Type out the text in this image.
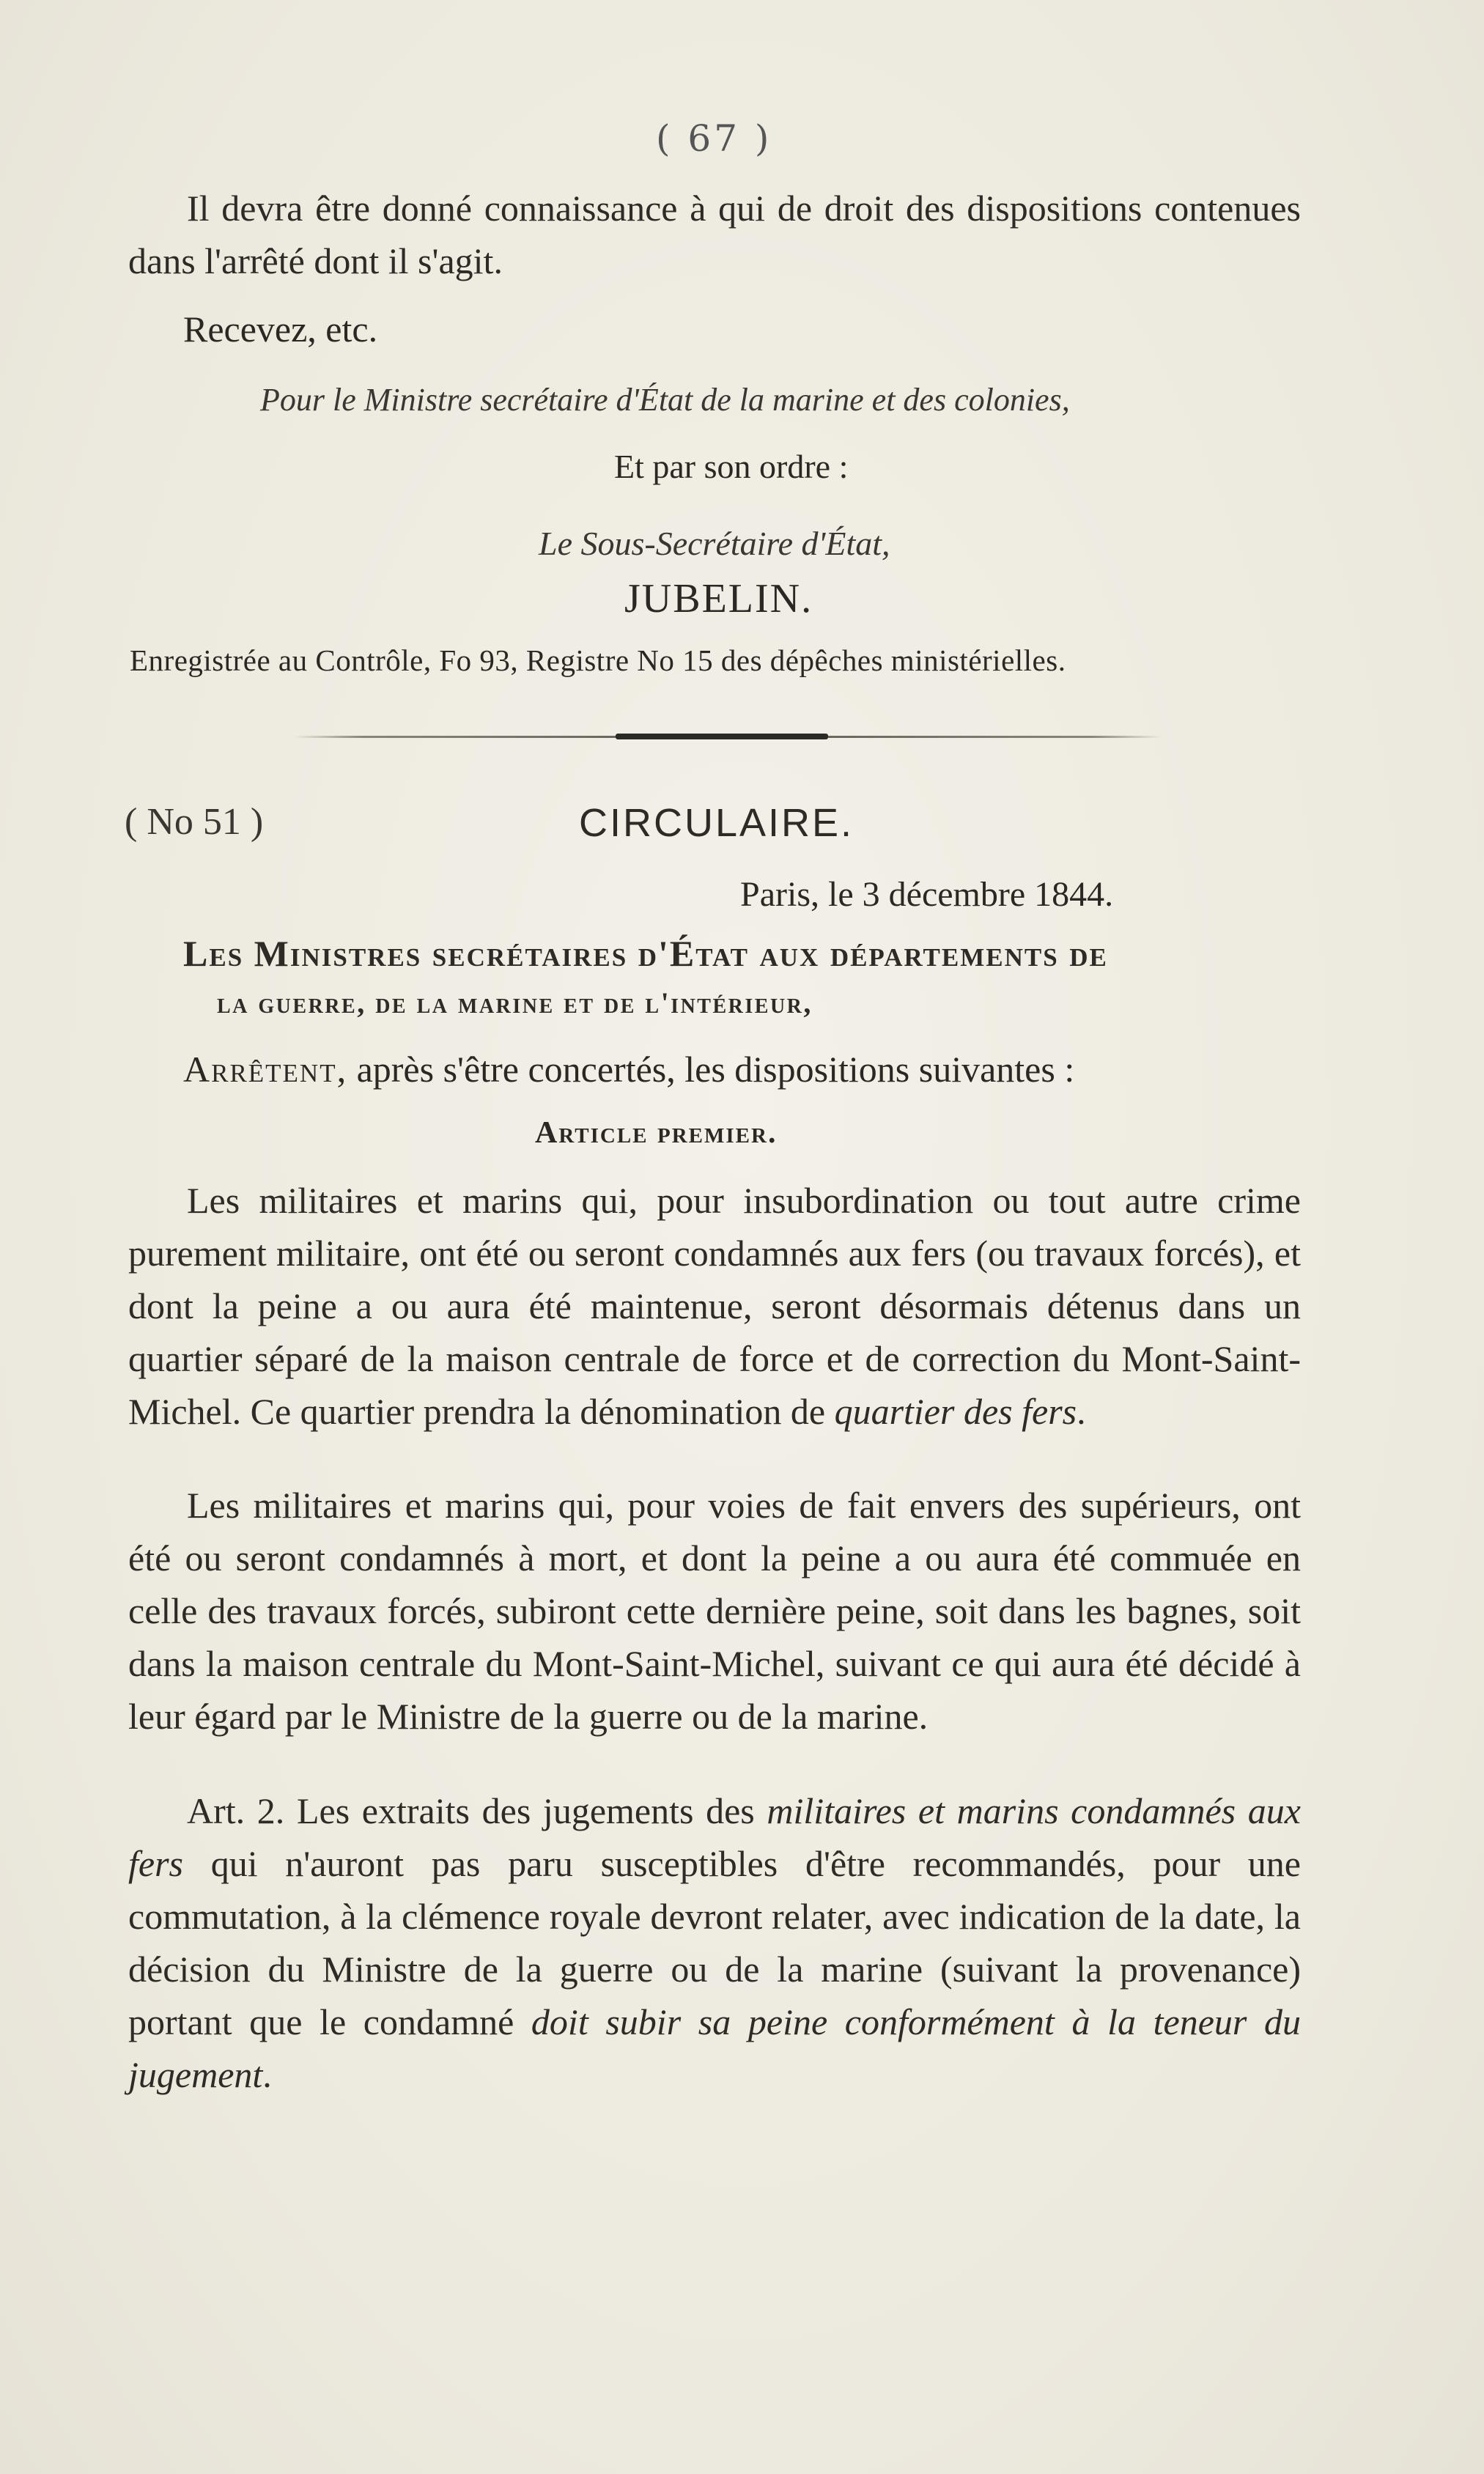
( 67 )

Il devra être donné connaissance à qui de droit des dispositions contenues dans l'arrêté dont il s'agit.

Recevez, etc.
Pour le Ministre secrétaire d'État de la marine et des colonies,
Et par son ordre :
Le Sous-Secrétaire d'État,
JUBELIN.
Enregistrée au Contrôle, Fo 93, Registre No 15 des dépêches ministérielles.
( No 51 )	CIRCULAIRE.
Paris, le 3 décembre 1844.
Les Ministres secrétaires d'État aux départements de
la guerre, de la marine et de l'intérieur,
Arrêtent, après s'être concertés, les dispositions suivantes :
Article premier.

Les militaires et marins qui, pour insubordination ou tout autre crime purement militaire, ont été ou seront condamnés aux fers (ou travaux forcés), et dont la peine a ou aura été maintenue, seront désormais détenus dans un quartier séparé de la maison centrale de force et de correction du Mont-Saint-Michel. Ce quartier prendra la dénomination de quartier des fers.

Les militaires et marins qui, pour voies de fait envers des supérieurs, ont été ou seront condamnés à mort, et dont la peine a ou aura été commuée en celle des travaux forcés, subiront cette dernière peine, soit dans les bagnes, soit dans la maison centrale du Mont-Saint-Michel, suivant ce qui aura été décidé à leur égard par le Ministre de la guerre ou de la marine.

Art. 2. Les extraits des jugements des militaires et marins condamnés aux fers qui n'auront pas paru susceptibles d'être recommandés, pour une commutation, à la clémence royale devront relater, avec indication de la date, la décision du Ministre de la guerre ou de la marine (suivant la provenance) portant que le condamné doit subir sa peine conformément à la teneur du jugement.
